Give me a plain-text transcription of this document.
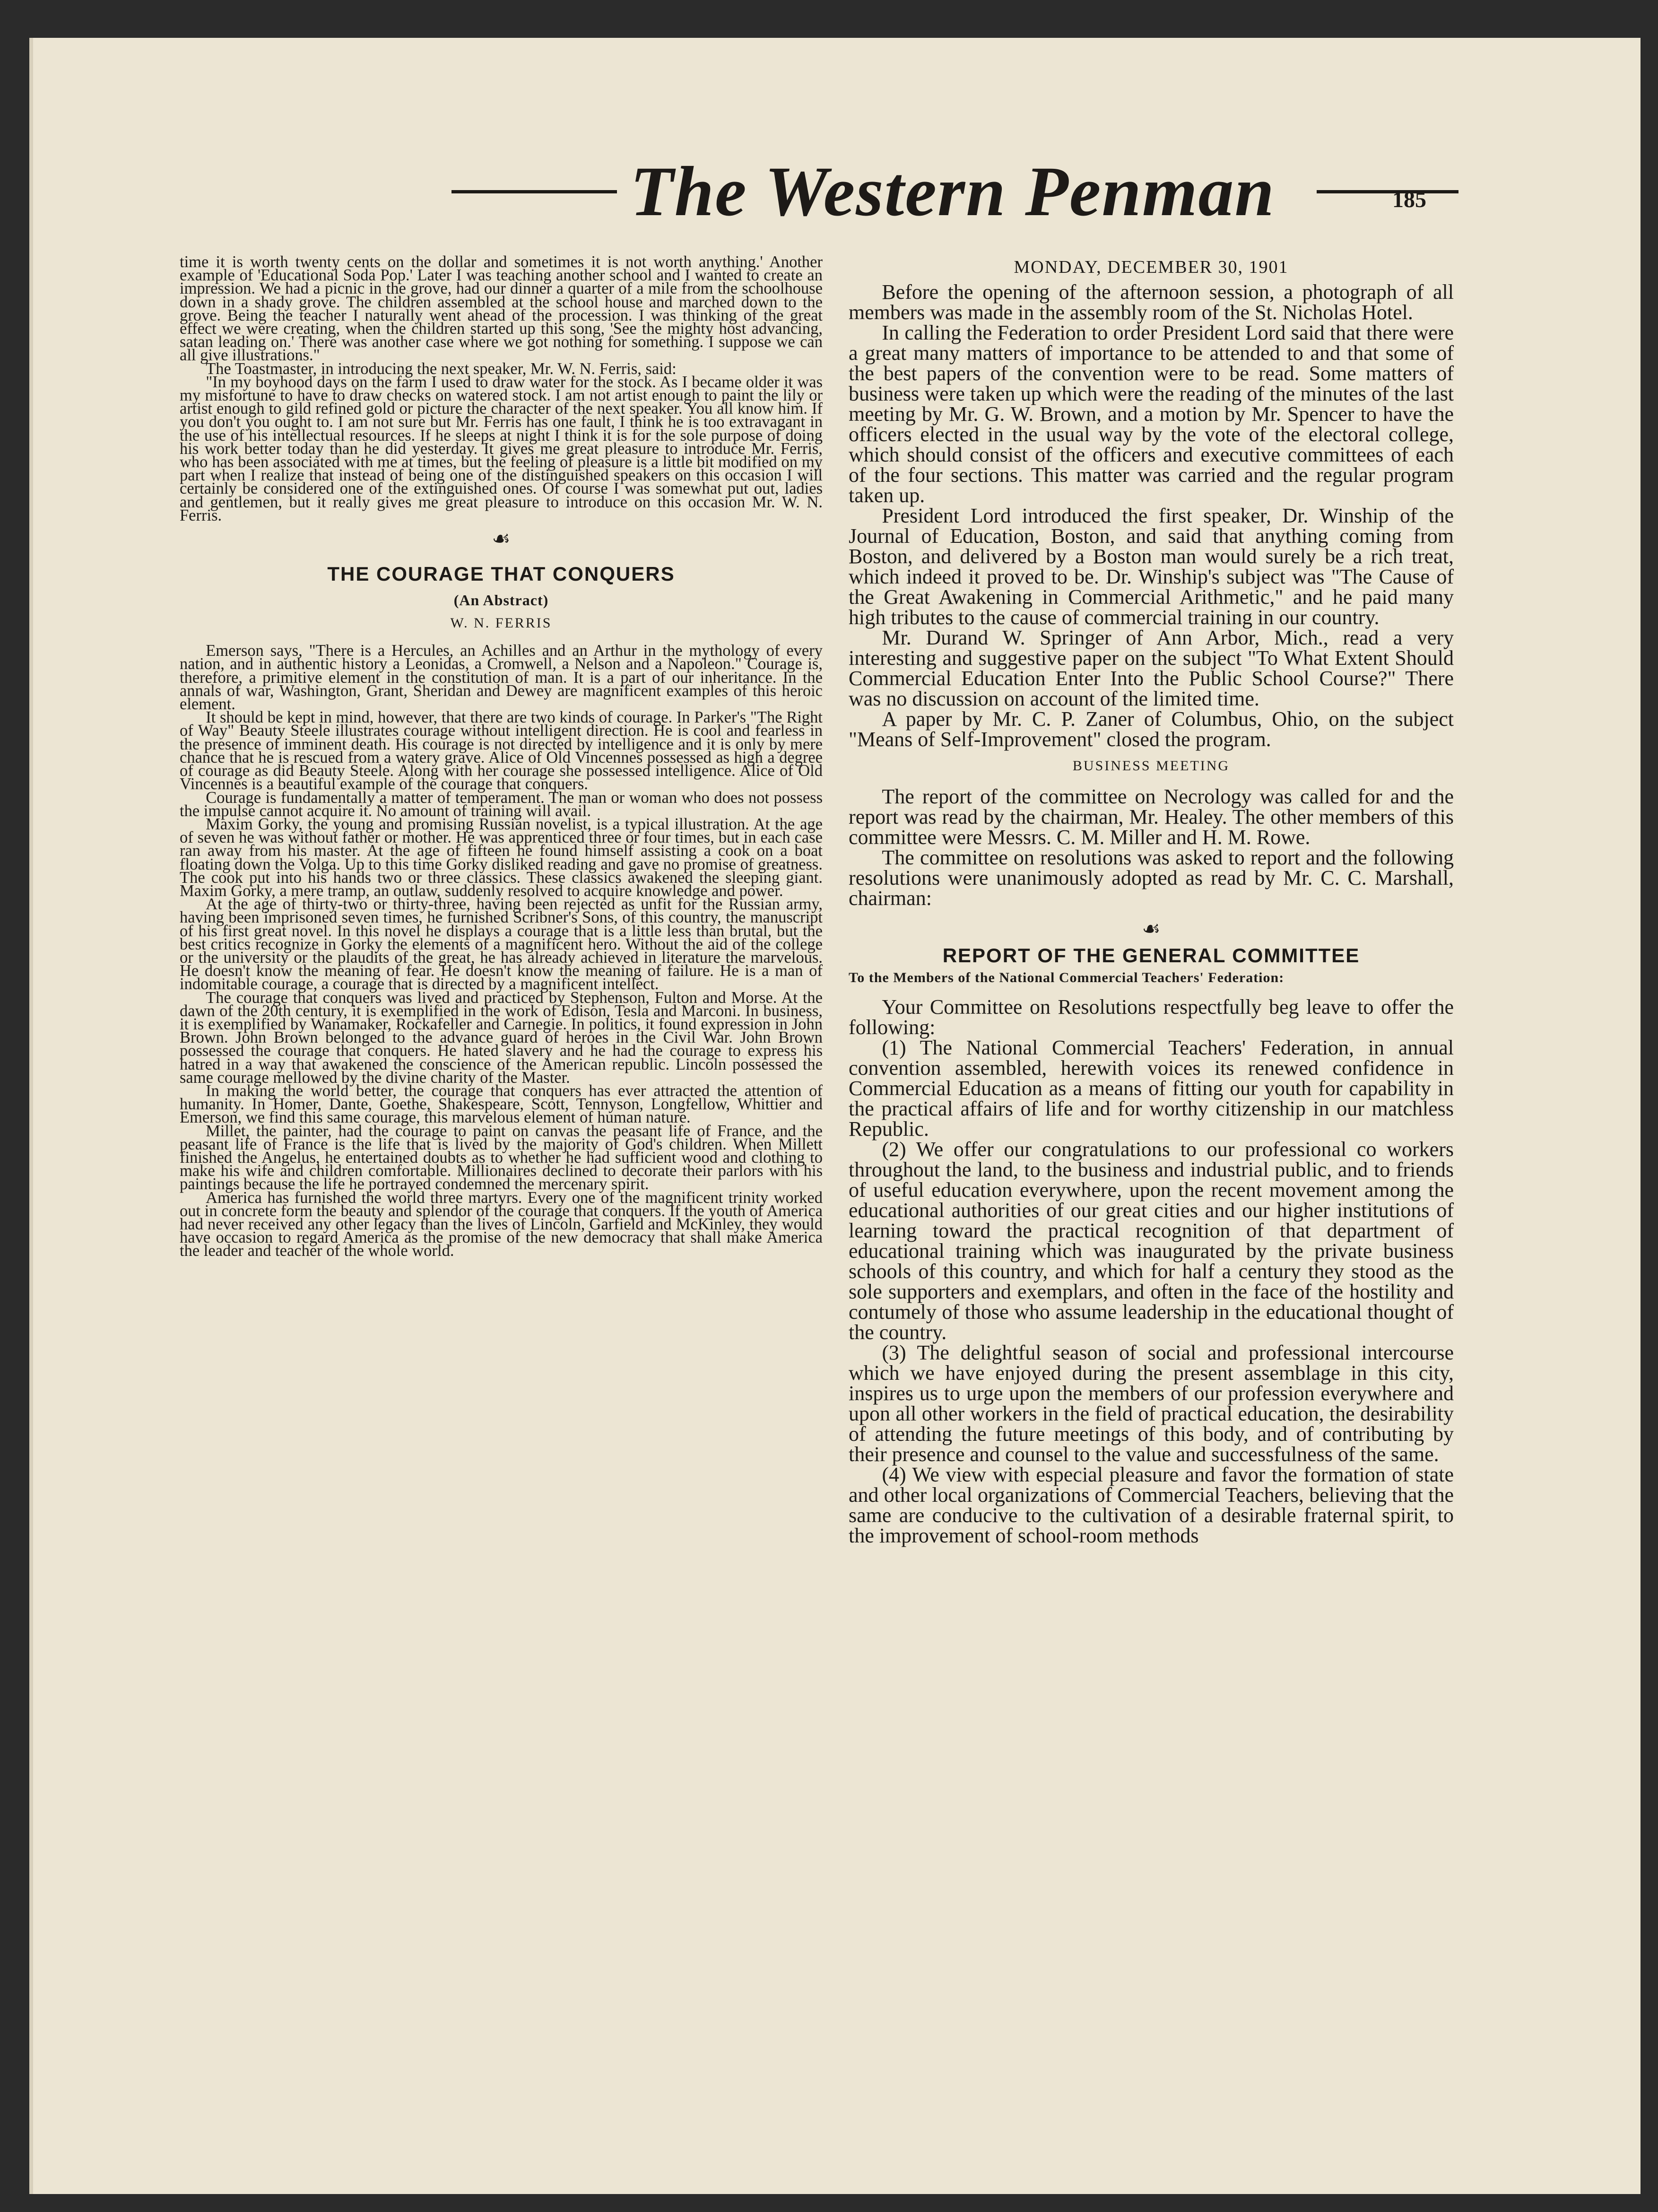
The Western Penman	185

time it is worth twenty cents on the dollar and sometimes it is not worth anything.' Another example of 'Educational Soda Pop.' Later I was teaching another school and I wanted to create an impression. We had a picnic in the grove, had our dinner a quarter of a mile from the schoolhouse down in a shady grove. The children assembled at the school house and marched down to the grove. Being the teacher I naturally went ahead of the procession. I was thinking of the great effect we were creating, when the children started up this song, 'See the mighty host advancing, satan leading on.' There was another case where we got nothing for something. I suppose we can all give illustrations."

The Toastmaster, in introducing the next speaker, Mr. W. N. Ferris, said:

"In my boyhood days on the farm I used to draw water for the stock. As I became older it was my misfortune to have to draw checks on watered stock. I am not artist enough to paint the lily or artist enough to gild refined gold or picture the character of the next speaker. You all know him. If you don't you ought to. I am not sure but Mr. Ferris has one fault, I think he is too extravagant in the use of his intellectual resources. If he sleeps at night I think it is for the sole purpose of doing his work better today than he did yesterday. It gives me great pleasure to introduce Mr. Ferris, who has been associated with me at times, but the feeling of pleasure is a little bit modified on my part when I realize that instead of being one of the distinguished speakers on this occasion I will certainly be considered one of the extinguished ones. Of course I was somewhat put out, ladies and gentlemen, but it really gives me great pleasure to introduce on this occasion Mr. W. N. Ferris.

☙
THE COURAGE THAT CONQUERS
(An Abstract)
W. N. FERRIS

Emerson says, "There is a Hercules, an Achilles and an Arthur in the mythology of every nation, and in authentic history a Leonidas, a Cromwell, a Nelson and a Napoleon." Courage is, therefore, a primitive element in the constitution of man. It is a part of our inheritance. In the annals of war, Washington, Grant, Sheridan and Dewey are magnificent examples of this heroic element.

It should be kept in mind, however, that there are two kinds of courage. In Parker's "The Right of Way" Beauty Steele illustrates courage without intelligent direction. He is cool and fearless in the presence of imminent death. His courage is not directed by intelligence and it is only by mere chance that he is rescued from a watery grave. Alice of Old Vincennes possessed as high a degree of courage as did Beauty Steele. Along with her courage she possessed intelligence. Alice of Old Vincennes is a beautiful example of the courage that conquers.

Courage is fundamentally a matter of temperament. The man or woman who does not possess the impulse cannot acquire it. No amount of training will avail.

Maxim Gorky, the young and promising Russian novelist, is a typical illustration. At the age of seven he was without father or mother. He was apprenticed three or four times, but in each case ran away from his master. At the age of fifteen he found himself assisting a cook on a boat floating down the Volga. Up to this time Gorky disliked reading and gave no promise of greatness. The cook put into his hands two or three classics. These classics awakened the sleeping giant. Maxim Gorky, a mere tramp, an outlaw, suddenly resolved to acquire knowledge and power.

At the age of thirty-two or thirty-three, having been rejected as unfit for the Russian army, having been imprisoned seven times, he furnished Scribner's Sons, of this country, the manuscript of his first great novel. In this novel he displays a courage that is a little less than brutal, but the best critics recognize in Gorky the elements of a magnificent hero. Without the aid of the college or the university or the plaudits of the great, he has already achieved in literature the marvelous. He doesn't know the meaning of fear. He doesn't know the meaning of failure. He is a man of indomitable courage, a courage that is directed by a magnificent intellect.

The courage that conquers was lived and practiced by Stephenson, Fulton and Morse. At the dawn of the 20th century, it is exemplified in the work of Edison, Tesla and Marconi. In business, it is exemplified by Wanamaker, Rockafeller and Carnegie. In politics, it found expression in John Brown. John Brown belonged to the advance guard of heroes in the Civil War. John Brown possessed the courage that conquers. He hated slavery and he had the courage to express his hatred in a way that awakened the conscience of the American republic. Lincoln possessed the same courage mellowed by the divine charity of the Master.

In making the world better, the courage that conquers has ever attracted the attention of humanity. In Homer, Dante, Goethe, Shakespeare, Scott, Tennyson, Longfellow, Whittier and Emerson, we find this same courage, this marvelous element of human nature.

Millet, the painter, had the courage to paint on canvas the peasant life of France, and the peasant life of France is the life that is lived by the majority of God's children. When Millett finished the Angelus, he entertained doubts as to whether he had sufficient wood and clothing to make his wife and children comfortable. Millionaires declined to decorate their parlors with his paintings because the life he portrayed condemned the mercenary spirit.

America has furnished the world three martyrs. Every one of the magnificent trinity worked out in concrete form the beauty and splendor of the courage that conquers. If the youth of America had never received any other legacy than the lives of Lincoln, Garfield and McKinley, they would have occasion to regard America as the promise of the new democracy that shall make America the leader and teacher of the whole world.

MONDAY, DECEMBER 30, 1901

Before the opening of the afternoon session, a photograph of all members was made in the assembly room of the St. Nicholas Hotel.

In calling the Federation to order President Lord said that there were a great many matters of importance to be attended to and that some of the best papers of the convention were to be read. Some matters of business were taken up which were the reading of the minutes of the last meeting by Mr. G. W. Brown, and a motion by Mr. Spencer to have the officers elected in the usual way by the vote of the electoral college, which should consist of the officers and executive committees of each of the four sections. This matter was carried and the regular program taken up.

President Lord introduced the first speaker, Dr. Winship of the Journal of Education, Boston, and said that anything coming from Boston, and delivered by a Boston man would surely be a rich treat, which indeed it proved to be. Dr. Winship's subject was "The Cause of the Great Awakening in Commercial Arithmetic," and he paid many high tributes to the cause of commercial training in our country.

Mr. Durand W. Springer of Ann Arbor, Mich., read a very interesting and suggestive paper on the subject "To What Extent Should Commercial Education Enter Into the Public School Course?" There was no discussion on account of the limited time.

A paper by Mr. C. P. Zaner of Columbus, Ohio, on the subject "Means of Self-Improvement" closed the program.

BUSINESS MEETING

The report of the committee on Necrology was called for and the report was read by the chairman, Mr. Healey. The other members of this committee were Messrs. C. M. Miller and H. M. Rowe.

The committee on resolutions was asked to report and the following resolutions were unanimously adopted as read by Mr. C. C. Marshall, chairman:

☙
REPORT OF THE GENERAL COMMITTEE
To the Members of the National Commercial Teachers' Federation:

Your Committee on Resolutions respectfully beg leave to offer the following:

(1) The National Commercial Teachers' Federation, in annual convention assembled, herewith voices its renewed confidence in Commercial Education as a means of fitting our youth for capability in the practical affairs of life and for worthy citizenship in our matchless Republic.

(2) We offer our congratulations to our professional co workers throughout the land, to the business and industrial public, and to friends of useful education everywhere, upon the recent movement among the educational authorities of our great cities and our higher institutions of learning toward the practical recognition of that department of educational training which was inaugurated by the private business schools of this country, and which for half a century they stood as the sole supporters and exemplars, and often in the face of the hostility and contumely of those who assume leadership in the educational thought of the country.

(3) The delightful season of social and professional intercourse which we have enjoyed during the present assemblage in this city, inspires us to urge upon the members of our profession everywhere and upon all other workers in the field of practical education, the desirability of attending the future meetings of this body, and of contributing by their presence and counsel to the value and successfulness of the same.

(4) We view with especial pleasure and favor the formation of state and other local organizations of Commercial Teachers, believing that the same are conducive to the cultivation of a desirable fraternal spirit, to the improvement of school-room methods
